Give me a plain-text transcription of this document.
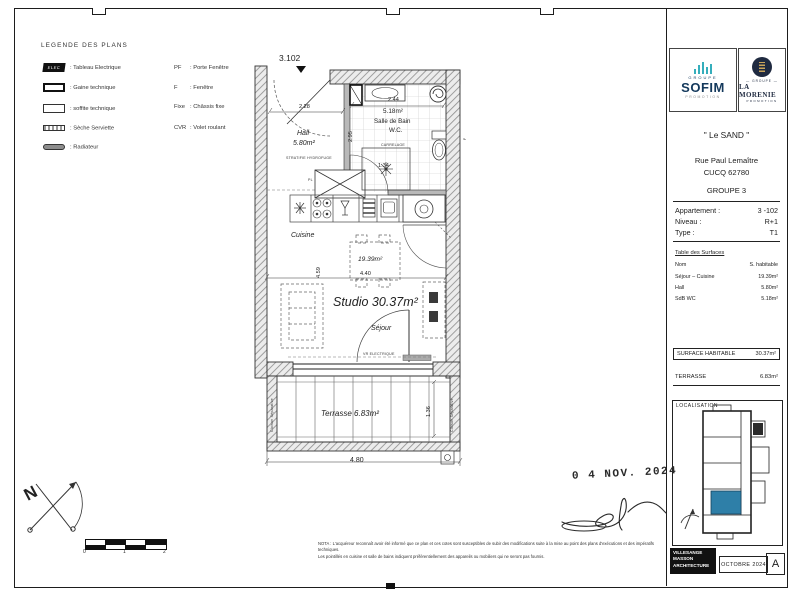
LEGENDE DES PLANS
ELEC : Tableau Electrique
: Gaine technique
: soffite technique
: Sèche Serviette
: Radiateur
PF : Porte Fenêtre
F : Fenêtre
Fixe : Châssis fixe
CVR : Volet roulant
3.102
Hall
5.80m²
STRATIFIE HYDROFUGE
2.28
2.95
2.44
5.18m²
Salle de Bain
W.C.
CARRELAGE
1.34
PL
F
Cuisine
19.39m²
4.40
4.59
Studio 30.37m²
Séjour
VR ELECTRIQUE
Terrasse 6.83m²
Cloison Séparative	Cloison Séparative
1.36
4.80
GROUPE
SOFIM
PROMOTION
— GROUPE —
LA MORENIE
PROMOTION
" Le SAND "
Rue Paul Lemaître
CUCQ 62780
GROUPE 3
Appartement :	3 -102
Niveau :	R+1
Type :	T1
Table des Surfaces
Nom	S. habitable
Séjour – Cuisine	19.39m²
Hall	5.80m²
SdB WC	5.18m²
SURFACE HABITABLE	30.37m²
TERRASSE	6.83m²
LOCALISATION
VILLESANGE
MASSON
ARCHITECTURE	OCTOBRE 2024 A
N
0	1	2
NOTA : L'acquéreur reconnaît avoir été informé que ce plan et ces cotes sont susceptibles de subir des modifications suite à la mise au point des plans d'exécutions et des impératifs techniques.
Les pointillés en cuisine et salle de bains indiquent préférentiellement des appareils ou mobiliers qui ne seront pas fournis.
0 4 NOV. 2024
